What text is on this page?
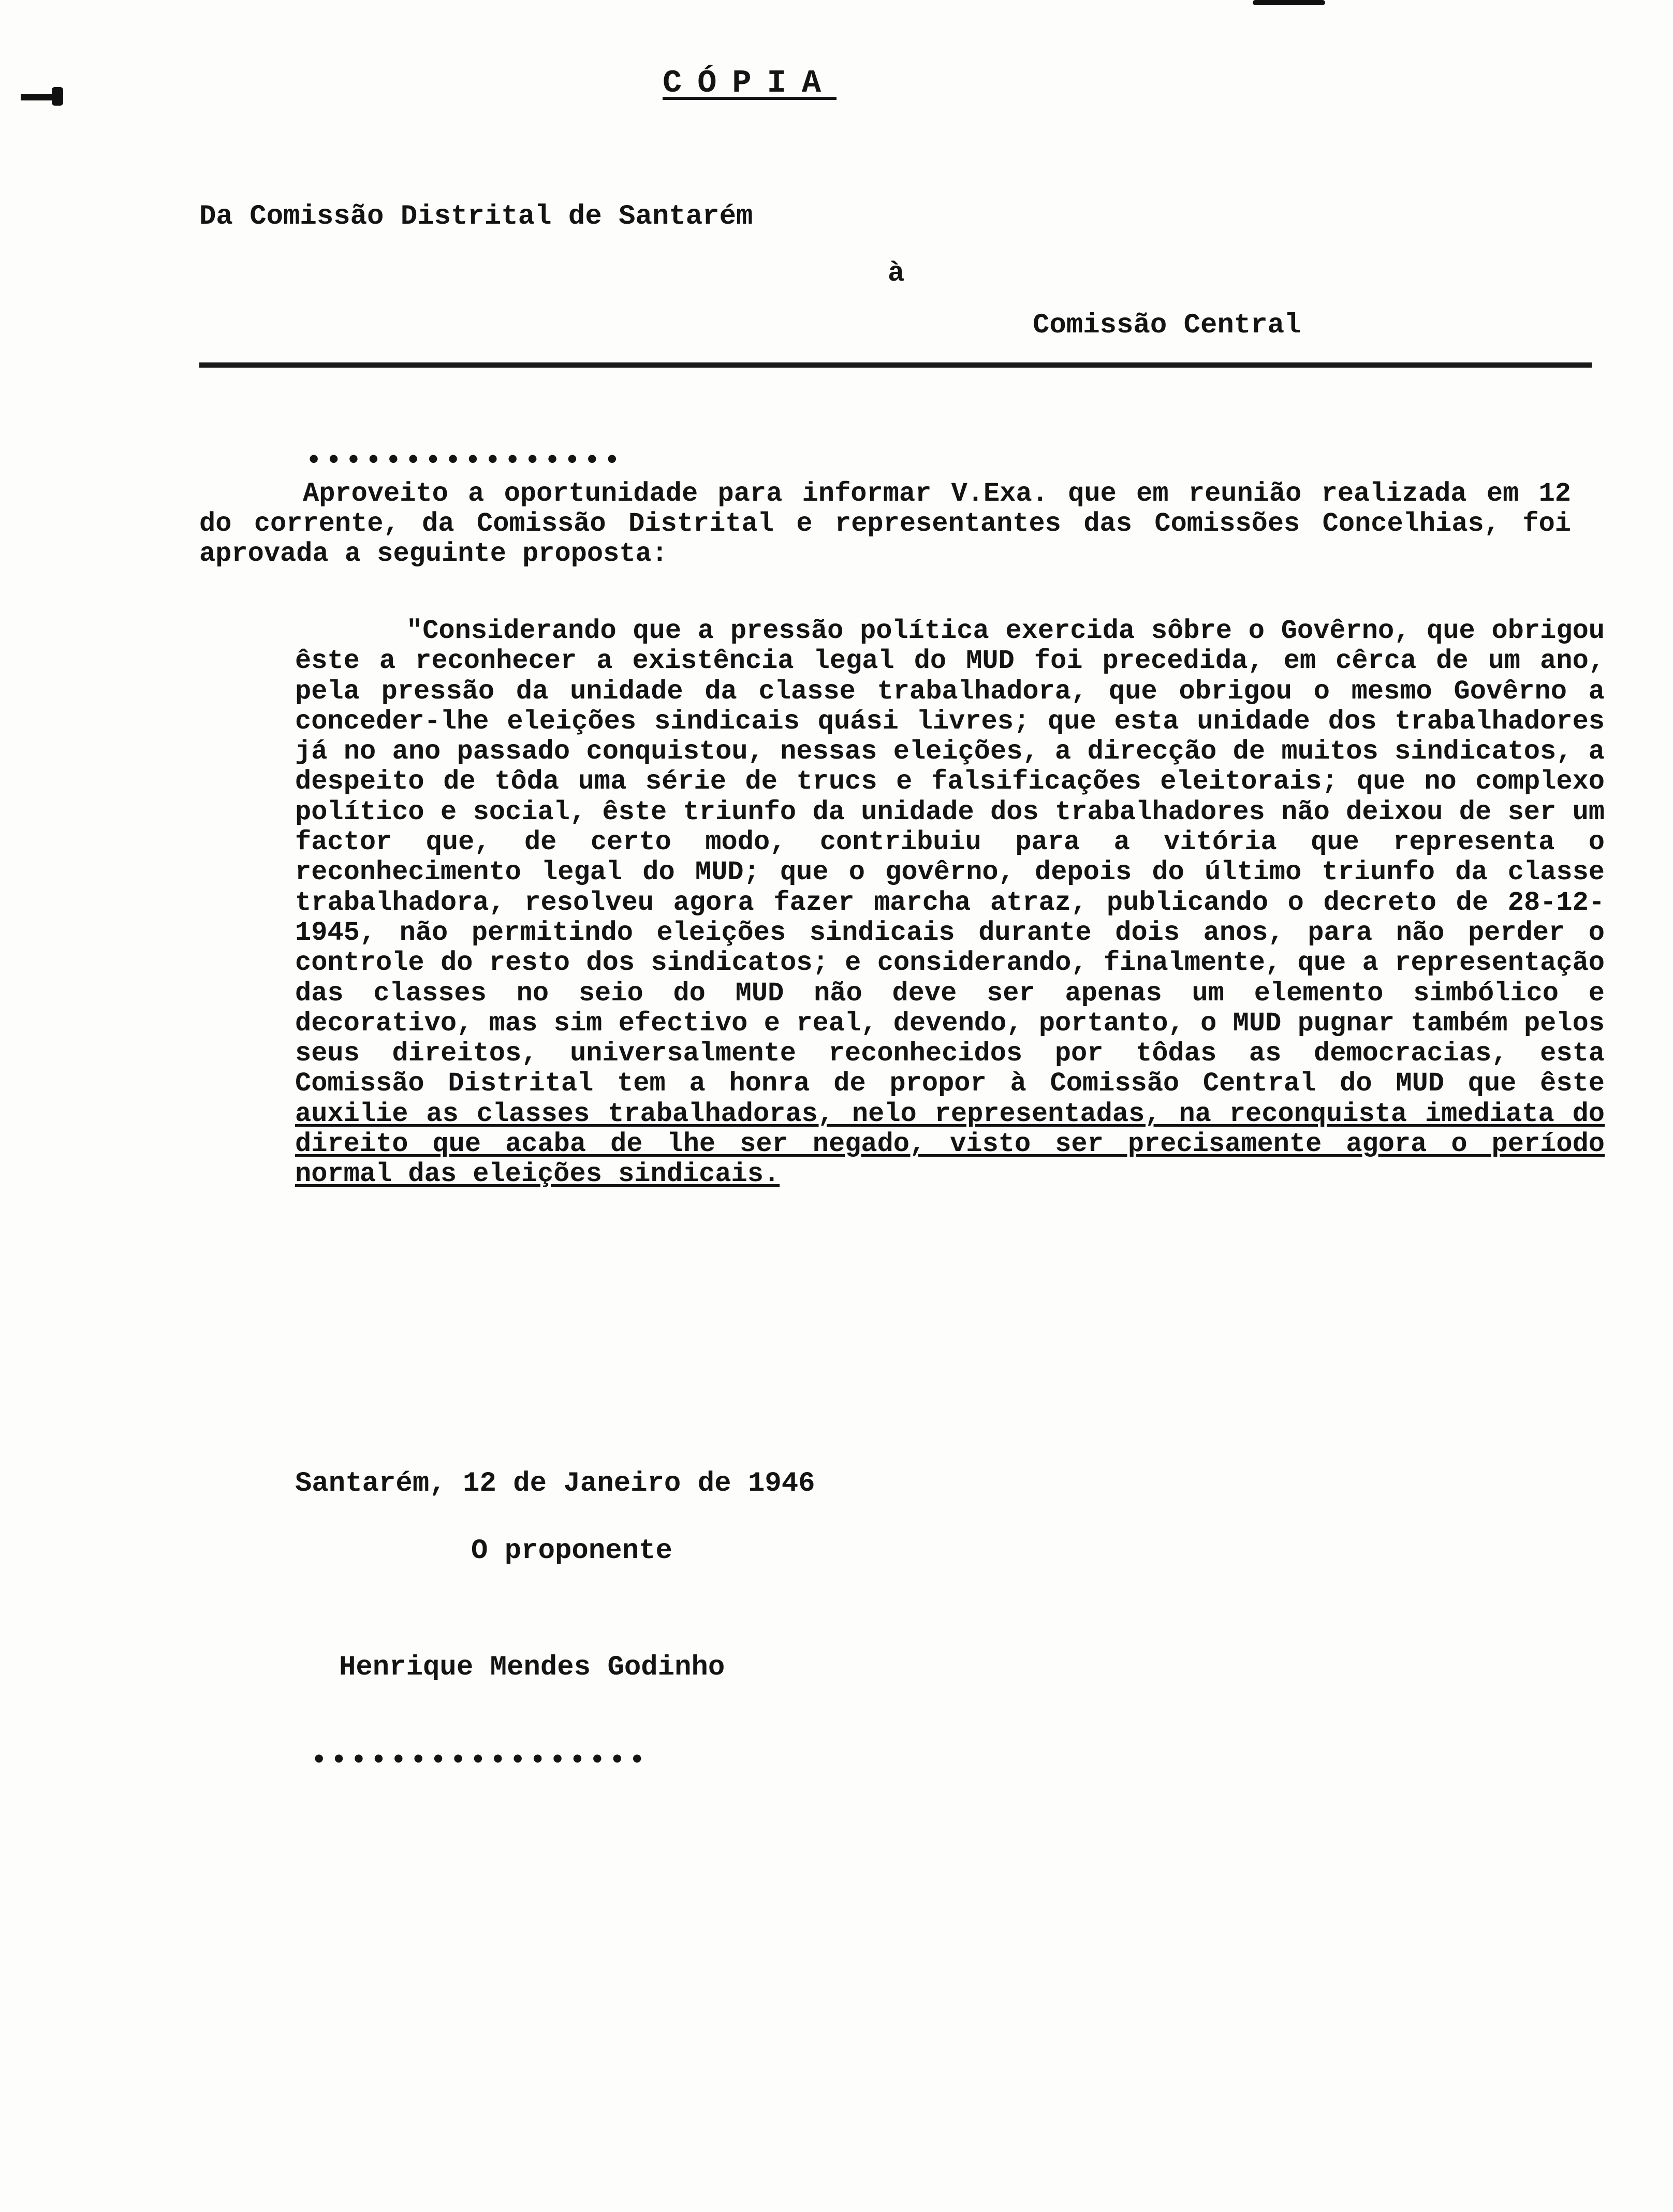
CÓPIA
Da Comissão Distrital de Santarém
à
Comissão Central
••••••••••••••••
Aproveito a oportunidade para informar V.Exa. que em reunião realizada em 12 do corrente, da Comissão Distrital e representantes das Comissões Concelhias, foi aprovada a seguinte proposta:
"Considerando que a pressão política exercida sôbre o Govêrno, que obrigou êste a reconhecer a existência legal do MUD foi precedida, em cêrca de um ano, pela pressão da unidade da classe trabalhadora, que obrigou o mesmo Govêrno a conceder-lhe eleições sindicais quási livres; que esta unidade dos trabalhadores já no ano passado conquistou, nessas eleições, a direcção de muitos sindicatos, a despeito de tôda uma série de trucs e falsificações eleitorais; que no complexo político e social, êste triunfo da unidade dos trabalhadores não deixou de ser um factor que, de certo modo, contribuiu para a vitória que representa o reconhecimento legal do MUD; que o govêrno, depois do último triunfo da classe trabalhadora, resolveu agora fazer marcha atraz, publicando o decreto de 28-12-1945, não permitindo eleições sindicais durante dois anos, para não perder o controle do resto dos sindicatos; e considerando, finalmente, que a representação das classes no seio do MUD não deve ser apenas um elemento simbólico e decorativo, mas sim efectivo e real, devendo, portanto, o MUD pugnar também pelos seus direitos, universalmente reconhecidos por tôdas as democracias, esta Comissão Distrital tem a honra de propor à Comissão Central do MUD que êste auxilie as classes trabalhadoras, nelo representadas, na reconquista imediata do direito que acaba de lhe ser negado, visto ser precisamente agora o período normal das eleições sindicais.
Santarém, 12 de Janeiro de 1946
O proponente
Henrique Mendes Godinho
•••••••••••••••••
